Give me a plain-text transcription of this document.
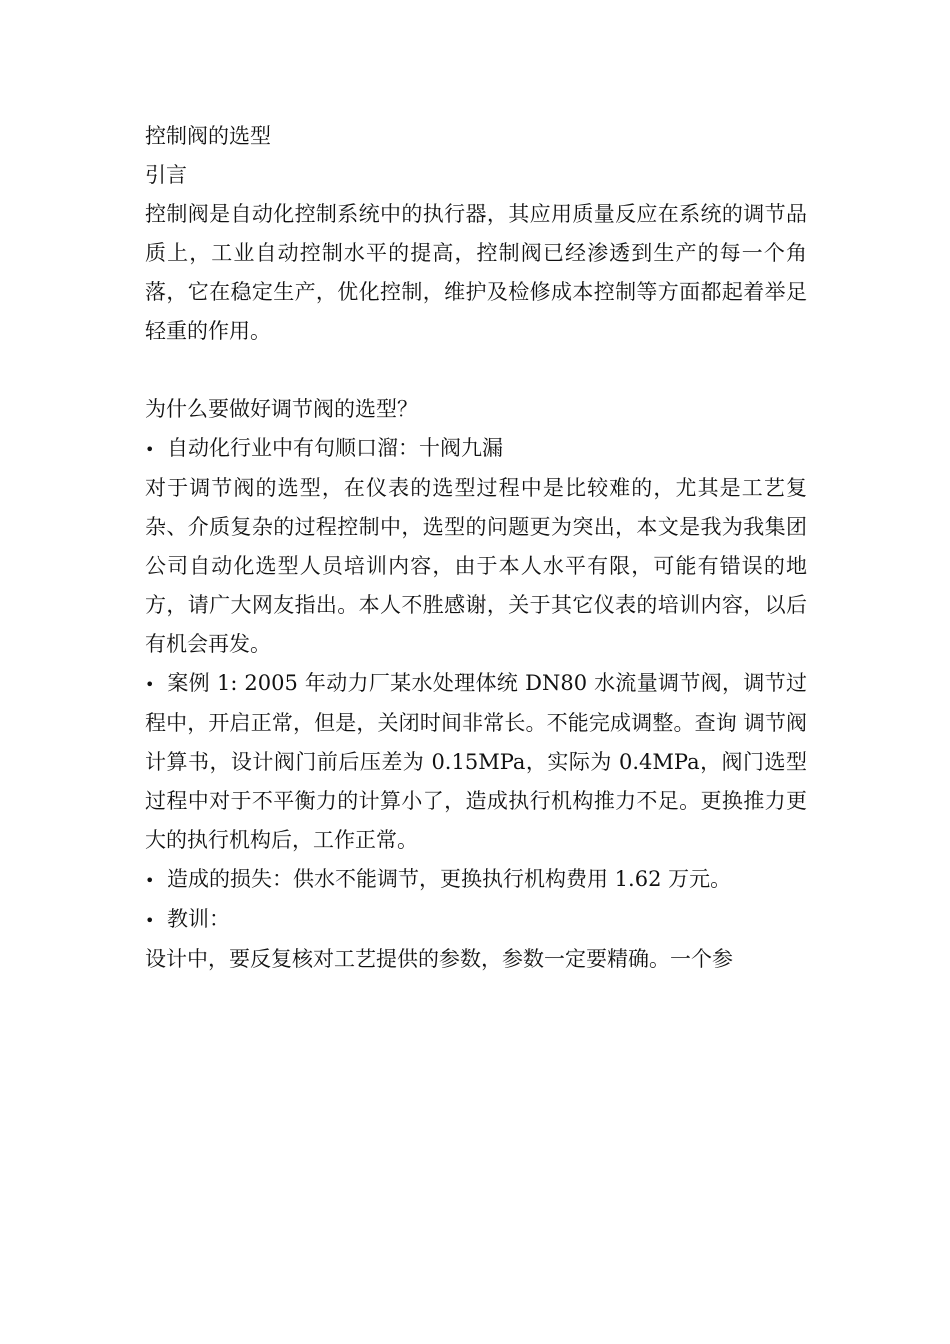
控制阀的选型

引言

控制阀是自动化控制系统中的执行器，其应用质量反应在系统的调节品质上，工业自动控制水平的提高，控制阀已经渗透到生产的每一个角落，它在稳定生产，优化控制，维护及检修成本控制等方面都起着举足轻重的作用。

为什么要做好调节阀的选型？

• 自动化行业中有句顺口溜：十阀九漏

对于调节阀的选型，在仪表的选型过程中是比较难的，尤其是工艺复杂、介质复杂的过程控制中，选型的问题更为突出，本文是我为我集团公司自动化选型人员培训内容，由于本人水平有限，可能有错误的地方，请广大网友指出。本人不胜感谢，关于其它仪表的培训内容，以后有机会再发。

• 案例 1: 2005 年动力厂某水处理体统 DN80 水流量调节阀，调节过程中，开启正常，但是，关闭时间非常长。不能完成调整。查询 调节阀计算书，设计阀门前后压差为 0.15MPa，实际为 0.4MPa，阀门选型过程中对于不平衡力的计算小了，造成执行机构推力不足。更换推力更大的执行机构后，工作正常。

• 造成的损失：供水不能调节，更换执行机构费用 1.62 万元。

• 教训：

设计中，要反复核对工艺提供的参数，参数一定要精确。一个参
